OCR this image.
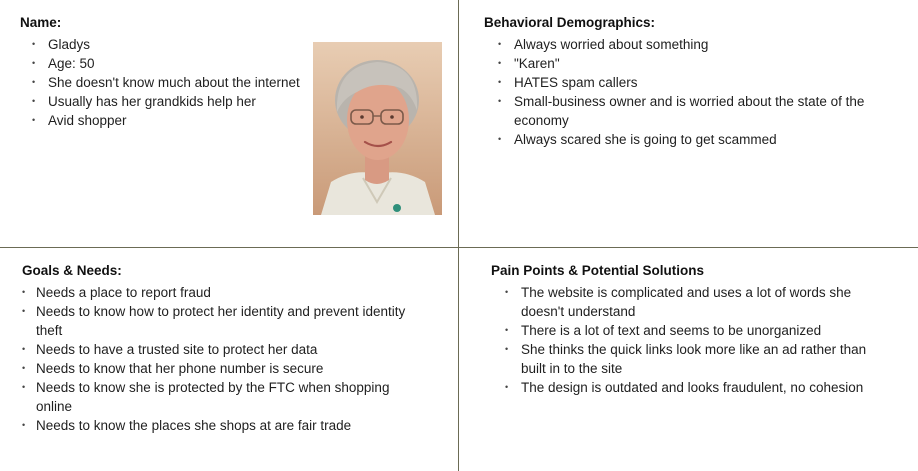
Name:
• Gladys
• Age: 50
• She doesn't know much about the internet
• Usually has her grandkids help her
• Avid shopper
Behavioral Demographics:
• Always worried about something
• "Karen"
• HATES spam callers
• Small-business owner and is worried about the state of the economy
• Always scared she is going to get scammed
Goals & Needs:
• Needs a place to report fraud
• Needs to know how to protect her identity and prevent identity theft
• Needs to have a trusted site to protect her data
• Needs to know that her phone number is secure
• Needs to know she is protected by the FTC when shopping online
• Needs to know the places she shops at are fair trade
Pain Points & Potential Solutions
• The website is complicated and uses a lot of words she doesn't understand
• There is a lot of text and seems to be unorganized
• She thinks the quick links look more like an ad rather than built in to the site
• The design is outdated and looks fraudulent, no cohesion
